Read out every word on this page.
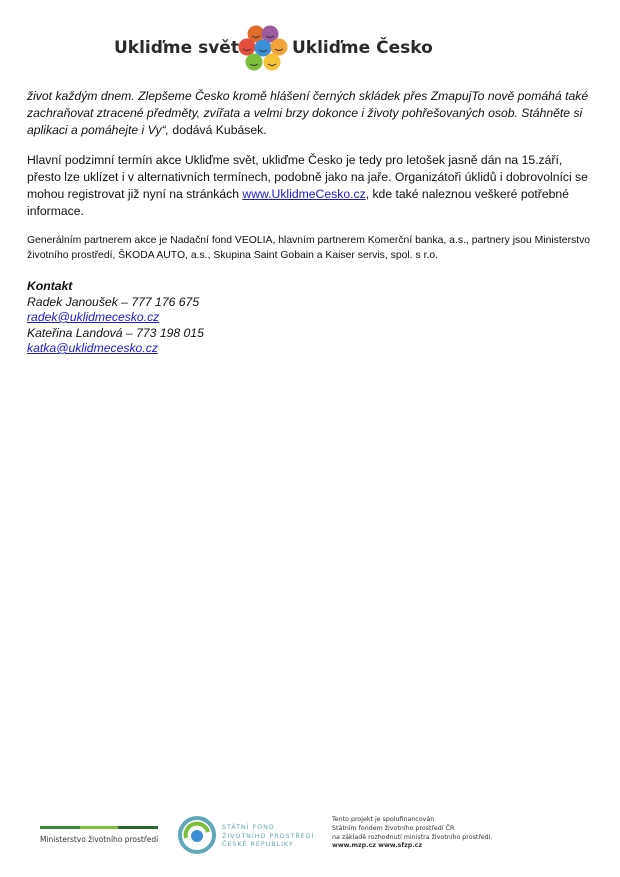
Ukliďme svět	Ukliďme Česko

život každým dnem. Zlepšeme Česko kromě hlášení černých skládek přes ZmapujTo nově pomáhá také zachraňovat ztracené předměty, zvířata a velmi brzy dokonce i životy pohřešovaných osob. Stáhněte si aplikaci a pomáhejte i Vy“, dodává Kubásek.

Hlavní podzimní termín akce Ukliďme svět, ukliďme Česko je tedy pro letošek jasně dán na 15.září, přesto lze uklízet i v alternativních termínech, podobně jako na jaře. Organizátoři úklidů i dobrovolníci se mohou registrovat již nyní na stránkách www.UklidmeCesko.cz, kde také naleznou veškeré potřebné informace.

Generálním partnerem akce je Nadační fond VEOLIA, hlavním partnerem Komerční banka, a.s., partnery jsou Ministerstvo životního prostředí, ŠKODA AUTO, a.s., Skupina Saint Gobain a Kaiser servis, spol. s r.o.

Kontakt
Radek Janoušek – 777 176 675
radek@uklidmecesko.cz
Kateřina Landová – 773 198 015
katka@uklidmecesko.cz
Ministerstvo životního prostředí
STÁTNÍ FOND
ŽIVOTNÍHO PROSTŘEDÍ
ČESKÉ REPUBLIKY
Tento projekt je spolufinancován
Státním fondem životního prostředí ČR
na základě rozhodnutí ministra životního prostředí.
www.mzp.cz www.sfzp.cz
